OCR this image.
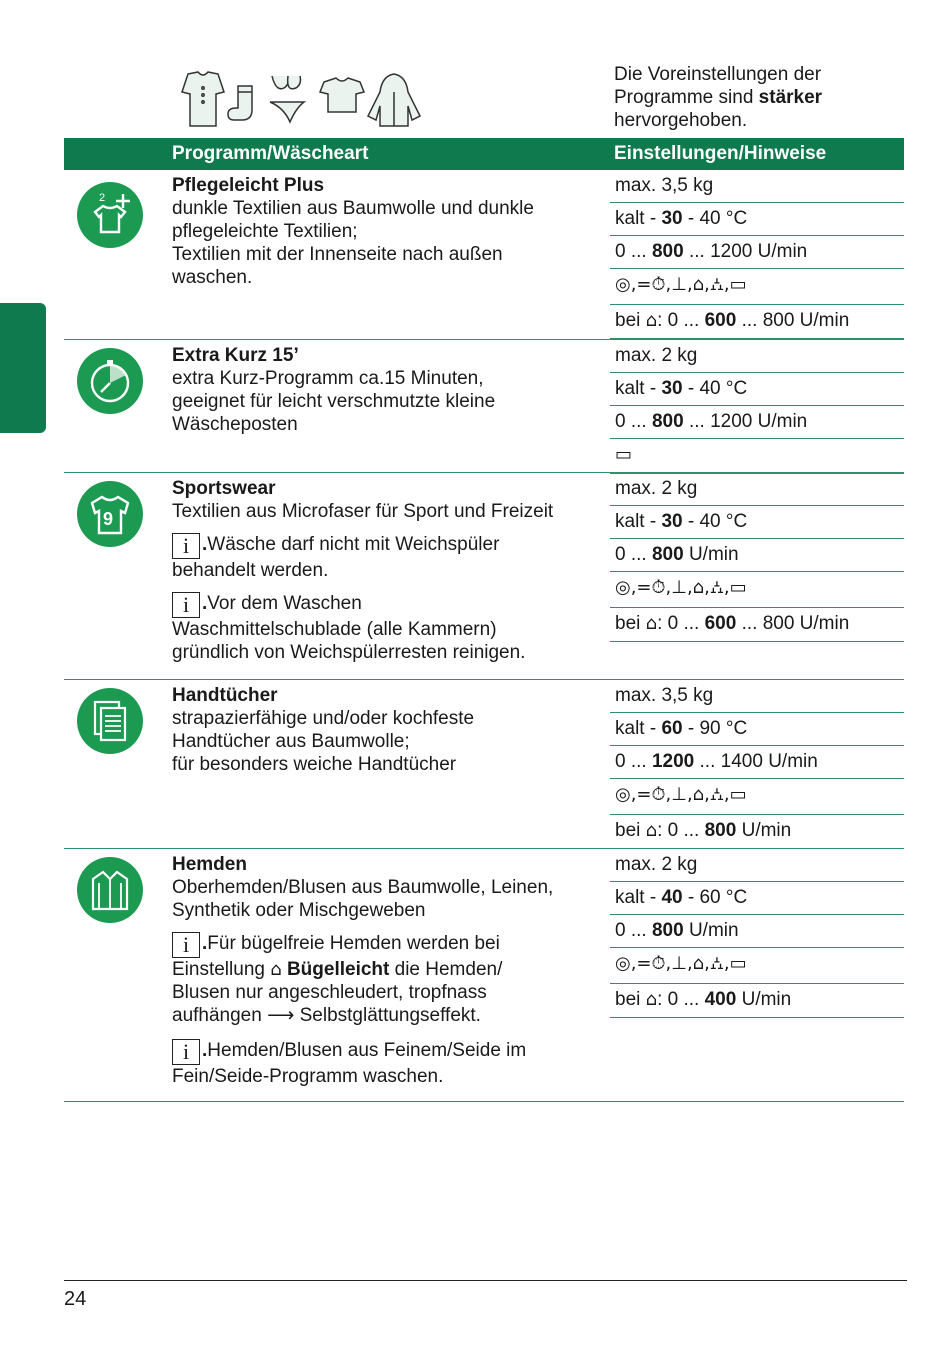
Die Voreinstellungen der
Programme sind stärker
hervorgehoben.
Programm/Wäscheart	Einstellungen/Hinweise
2
Pflegeleicht Plus
dunkle Textilien aus Baumwolle und dunkle
pflegeleichte Textilien;
Textilien mit der Innenseite nach außen
waschen.
max. 3,5 kg
kalt - 30 - 40 °C
0 ... 800 ... 1200 U/min
◎,=⏱,⊥,⌂,⛼,▭
bei ⌂: 0 ... 600 ... 800 U/min
Extra Kurz 15’
extra Kurz-Programm ca.15 Minuten,
geeignet für leicht verschmutzte kleine
Wäscheposten
max. 2 kg
kalt - 30 - 40 °C
0 ... 800 ... 1200 U/min
▭
9
Sportswear
Textilien aus Microfaser für Sport und Freizeit
i .Wäsche darf nicht mit Weichspüler
behandelt werden.
i .Vor dem Waschen
Waschmittelschublade (alle Kammern)
gründlich von Weichspülerresten reinigen.
max. 2 kg
kalt - 30 - 40 °C
0 ... 800 U/min
◎,=⏱,⊥,⌂,⛼,▭
bei ⌂: 0 ... 600 ... 800 U/min
Handtücher
strapazierfähige und/oder kochfeste
Handtücher aus Baumwolle;
für besonders weiche Handtücher
max. 3,5 kg
kalt - 60 - 90 °C
0 ... 1200 ... 1400 U/min
◎,=⏱,⊥,⌂,⛼,▭
bei ⌂: 0 ... 800 U/min
Hemden
Oberhemden/Blusen aus Baumwolle, Leinen,
Synthetik oder Mischgeweben
i .Für bügelfreie Hemden werden bei
Einstellung ⌂ Bügelleicht die Hemden/
Blusen nur angeschleudert, tropfnass
aufhängen ⟶ Selbstglättungseffekt.
i .Hemden/Blusen aus Feinem/Seide im
Fein/Seide-Programm waschen.
max. 2 kg
kalt - 40 - 60 °C
0 ... 800 U/min
◎,=⏱,⊥,⌂,⛼,▭
bei ⌂: 0 ... 400 U/min
24
